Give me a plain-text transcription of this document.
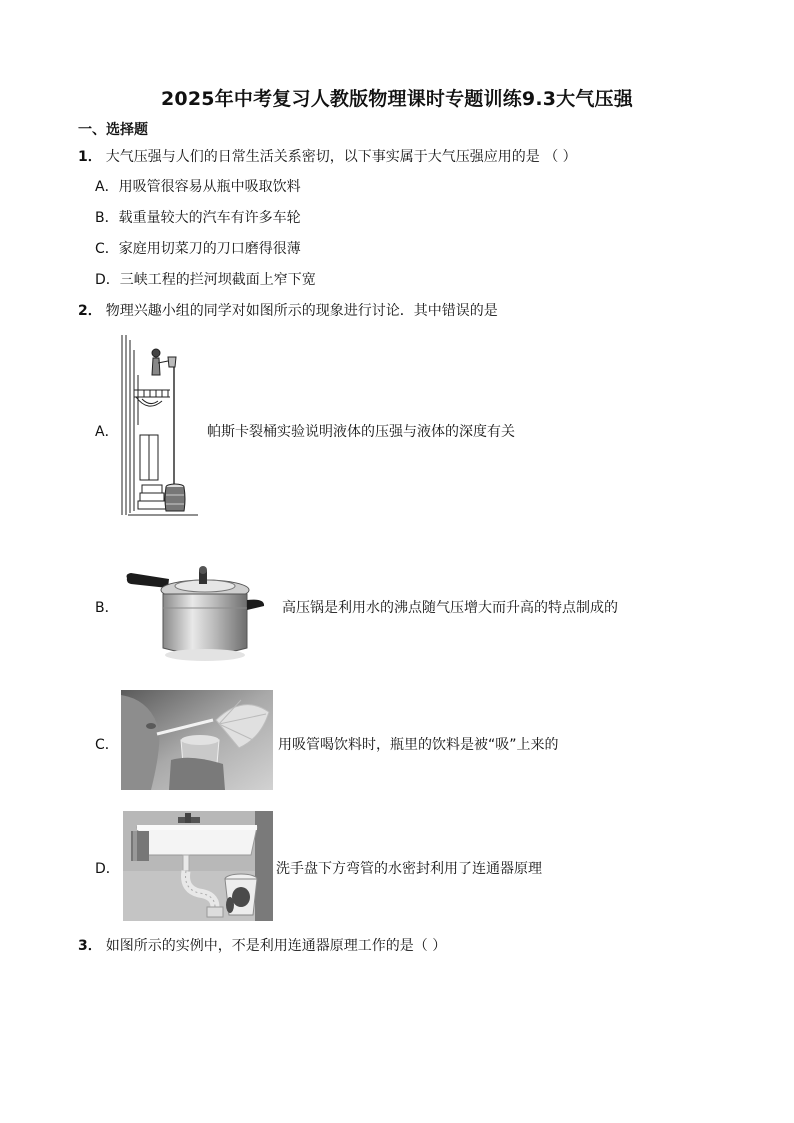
2025年中考复习人教版物理课时专题训练9.3大气压强
一、选择题
1． 大气压强与人们的日常生活关系密切，以下事实属于大气压强应用的是 （ ）
A．用吸管很容易从瓶中吸取饮料
B．载重量较大的汽车有许多车轮
C．家庭用切菜刀的刀口磨得很薄
D．三峡工程的拦河坝截面上窄下宽
2． 物理兴趣小组的同学对如图所示的现象进行讨论．其中错误的是
A．	帕斯卡裂桶实验说明液体的压强与液体的深度有关
B．	高压锅是利用水的沸点随气压增大而升高的特点制成的
C．	用吸管喝饮料时，瓶里的饮料是被“吸”上来的
D．	洗手盘下方弯管的水密封利用了连通器原理
3． 如图所示的实例中，不是利用连通器原理工作的是（ ）
